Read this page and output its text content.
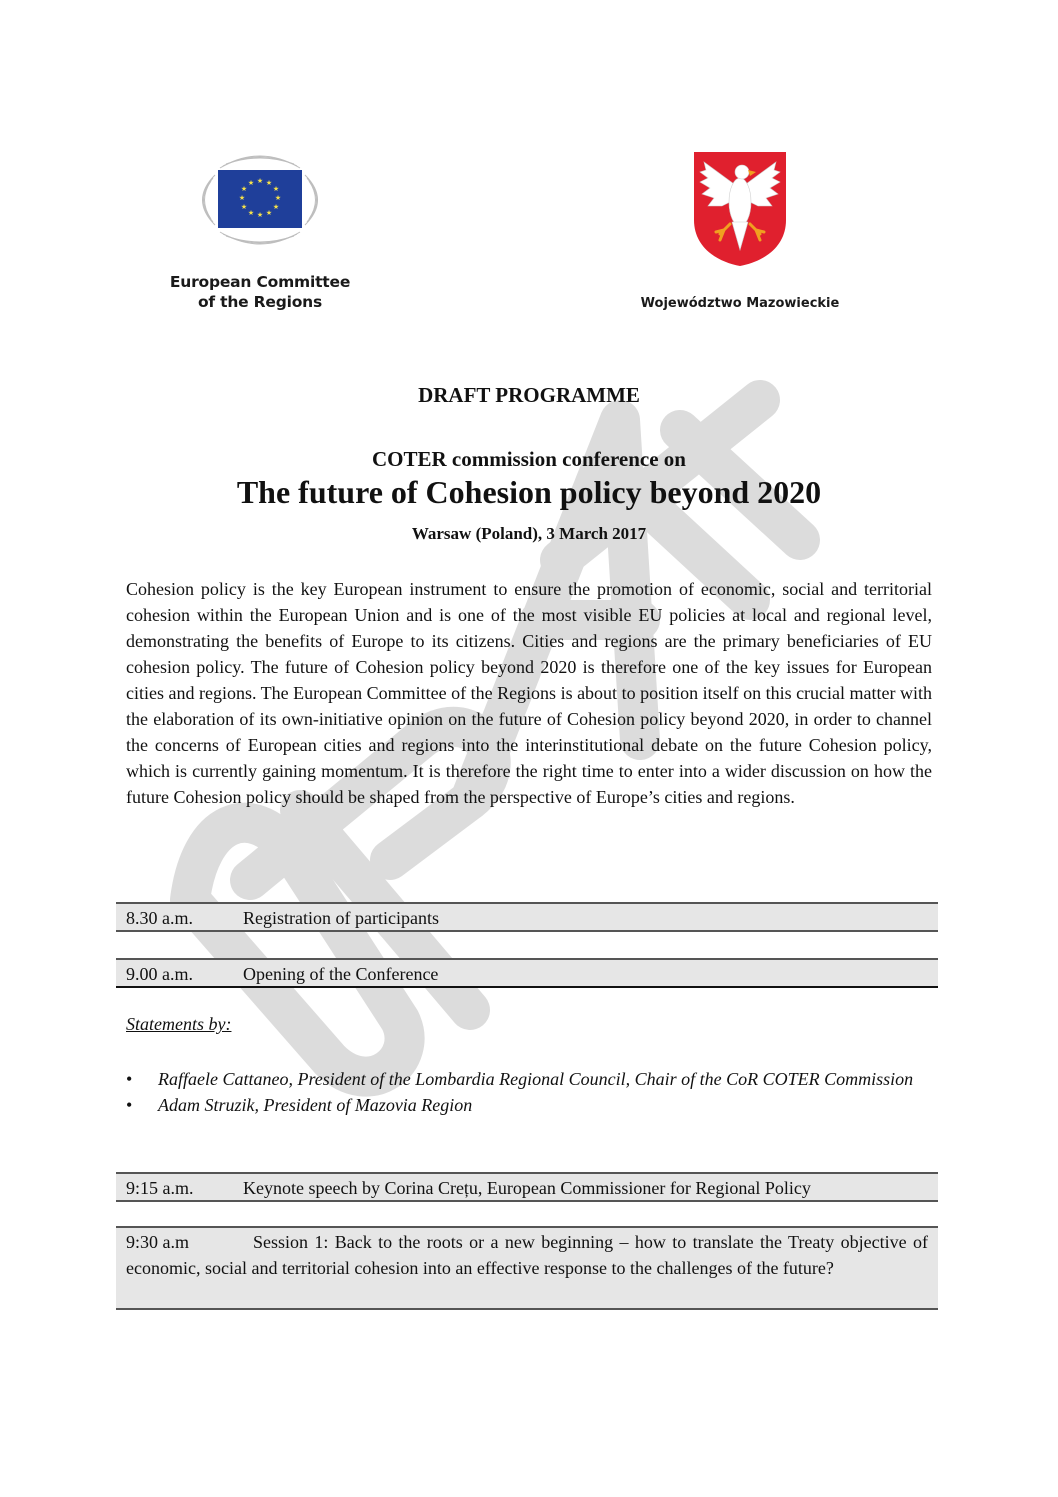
★ ★
★
★
★
★
★
★
★
★
★
★
European Committee
of the Regions	Województwo Mazowieckie
DRAFT PROGRAMME
COTER commission conference on
The future of Cohesion policy beyond 2020
Warsaw (Poland), 3 March 2017

Cohesion policy is the key European instrument to ensure the promotion of economic, social and territorial cohesion within the European Union and is one of the most visible EU policies at local and regional level, demonstrating the benefits of Europe to its citizens. Cities and regions are the primary beneficiaries of EU cohesion policy. The future of Cohesion policy beyond 2020 is therefore one of the key issues for European cities and regions. The European Committee of the Regions is about to position itself on this crucial matter with the elaboration of its own-initiative opinion on the future of Cohesion policy beyond 2020, in order to channel the concerns of European cities and regions into the interinstitutional debate on the future Cohesion policy, which is currently gaining momentum. It is therefore the right time to enter into a wider discussion on how the future Cohesion policy should be shaped from the perspective of Europe’s cities and regions.

8.30 a.m.	Registration of participants
9.00 a.m.	Opening of the Conference
Statements by:
• Raffaele Cattaneo, President of the Lombardia Regional Council, Chair of the CoR COTER Commission
• Adam Struzik, President of Mazovia Region
9:15 a.m.	Keynote speech by Corina Crețu, European Commissioner for Regional Policy
9:30 a.m	Session 1: Back to the roots or a new beginning – how to translate the Treaty objective of economic, social and territorial cohesion into an effective response to the challenges of the future?
